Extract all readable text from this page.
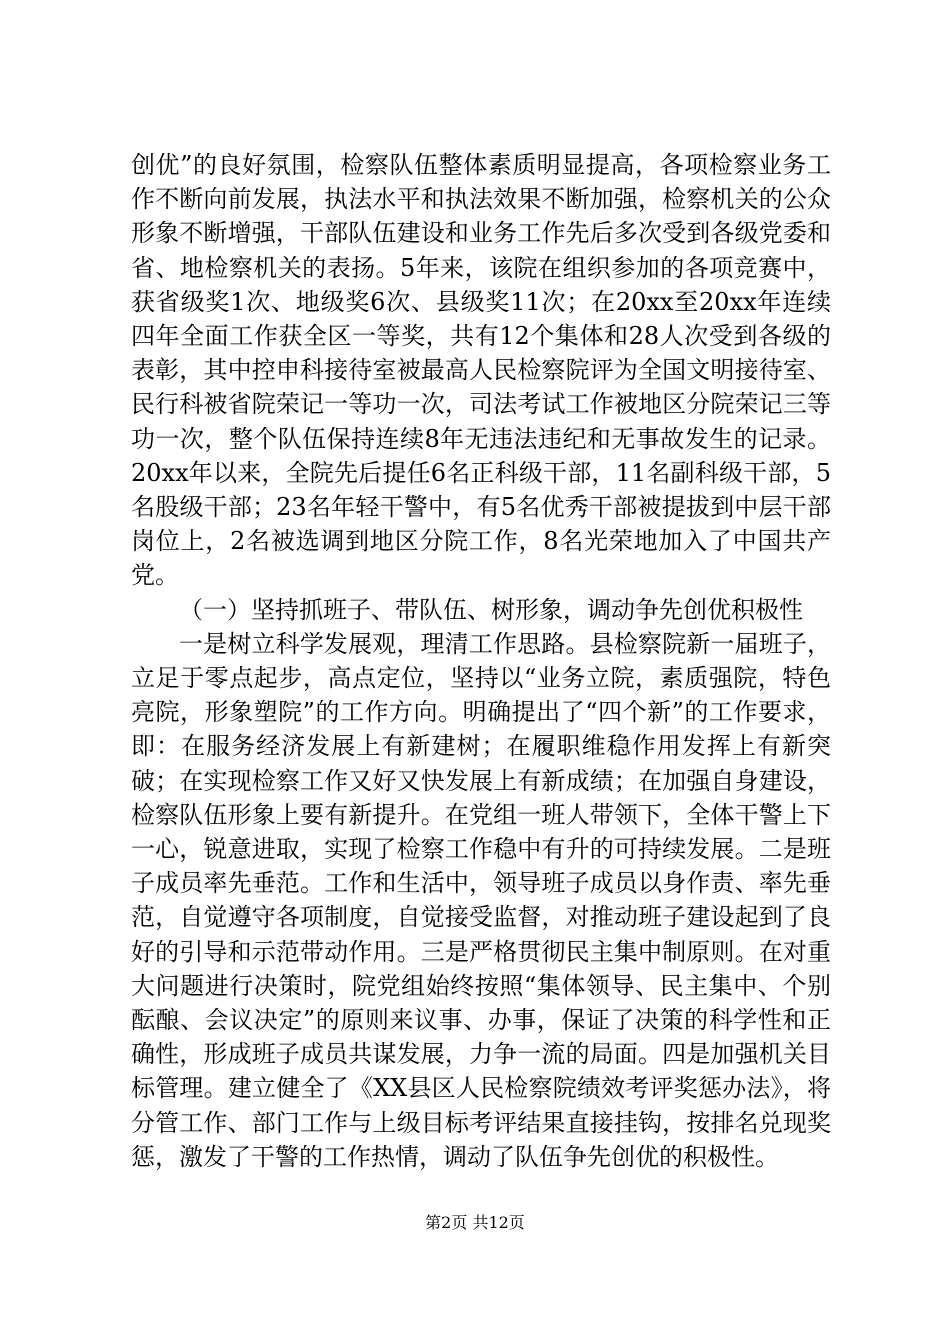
创优”的良好氛围，检察队伍整体素质明显提高，各项检察业务工作不断向前发展，执法水平和执法效果不断加强，检察机关的公众形象不断增强，干部队伍建设和业务工作先后多次受到各级党委和省、地检察机关的表扬。5年来，该院在组织参加的各项竞赛中，获省级奖1次、地级奖6次、县级奖11次；在20xx至20xx年连续四年全面工作获全区一等奖，共有12个集体和28人次受到各级的表彰，其中控申科接待室被最高人民检察院评为全国文明接待室、民行科被省院荣记一等功一次，司法考试工作被地区分院荣记三等功一次，整个队伍保持连续8年无违法违纪和无事故发生的记录。20xx年以来，全院先后提任6名正科级干部，11名副科级干部，5名股级干部；23名年轻干警中，有5名优秀干部被提拔到中层干部岗位上，2名被选调到地区分院工作，8名光荣地加入了中国共产党。

（一）坚持抓班子、带队伍、树形象，调动争先创优积极性

一是树立科学发展观，理清工作思路。县检察院新一届班子，立足于零点起步，高点定位，坚持以“业务立院，素质强院，特色亮院，形象塑院”的工作方向。明确提出了“四个新”的工作要求，即：在服务经济发展上有新建树；在履职维稳作用发挥上有新突破；在实现检察工作又好又快发展上有新成绩；在加强自身建设，检察队伍形象上要有新提升。在党组一班人带领下，全体干警上下一心，锐意进取，实现了检察工作稳中有升的可持续发展。二是班子成员率先垂范。工作和生活中，领导班子成员以身作责、率先垂范，自觉遵守各项制度，自觉接受监督，对推动班子建设起到了良好的引导和示范带动作用。三是严格贯彻民主集中制原则。在对重大问题进行决策时，院党组始终按照“集体领导、民主集中、个别酝酿、会议决定”的原则来议事、办事，保证了决策的科学性和正确性，形成班子成员共谋发展，力争一流的局面。四是加强机关目标管理。建立健全了《XX县区人民检察院绩效考评奖惩办法》，将分管工作、部门工作与上级目标考评结果直接挂钩，按排名兑现奖惩，激发了干警的工作热情，调动了队伍争先创优的积极性。

第2页 共12页
